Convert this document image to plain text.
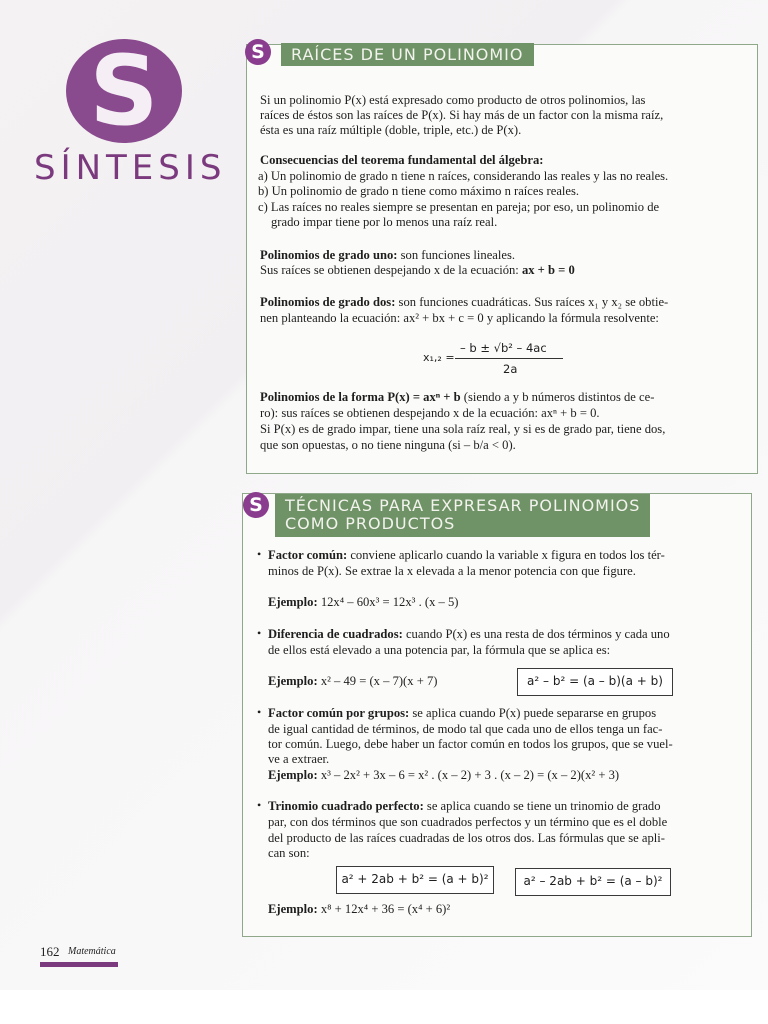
S
SÍNTESIS
S	RAÍCES DE UN POLINOMIO
Si un polinomio P(x) está expresado como producto de otros polinomios, las
raíces de éstos son las raíces de P(x). Si hay más de un factor con la misma raíz,
ésta es una raíz múltiple (doble, triple, etc.) de P(x).
Consecuencias del teorema fundamental del álgebra:
a) Un polinomio de grado n tiene n raíces, considerando las reales y las no reales.
b) Un polinomio de grado n tiene como máximo n raíces reales.
c) Las raíces no reales siempre se presentan en pareja; por eso, un polinomio de
grado impar tiene por lo menos una raíz real.
Polinomios de grado uno: son funciones lineales.
Sus raíces se obtienen despejando x de la ecuación: ax + b = 0
Polinomios de grado dos: son funciones cuadráticas. Sus raíces x₁ y x₂ se obtie-
nen planteando la ecuación: ax² + bx + c = 0 y aplicando la fórmula resolvente:
x₁,₂ =
– b ± √b² – 4ac
2a
Polinomios de la forma P(x) = axⁿ + b (siendo a y b números distintos de ce-
ro): sus raíces se obtienen despejando x de la ecuación: axⁿ + b = 0.
Si P(x) es de grado impar, tiene una sola raíz real, y si es de grado par, tiene dos,
que son opuestas, o no tiene ninguna (si – b/a < 0).
S	TÉCNICAS PARA EXPRESAR POLINOMIOS
COMO PRODUCTOS
• Factor común: conviene aplicarlo cuando la variable x figura en todos los tér-
minos de P(x). Se extrae la x elevada a la menor potencia con que figure.
Ejemplo: 12x⁴ – 60x³ = 12x³ . (x – 5)
• Diferencia de cuadrados: cuando P(x) es una resta de dos términos y cada uno
de ellos está elevado a una potencia par, la fórmula que se aplica es:
Ejemplo: x² – 49 = (x – 7)(x + 7)	a² – b² = (a – b)(a + b)
• Factor común por grupos: se aplica cuando P(x) puede separarse en grupos
de igual cantidad de términos, de modo tal que cada uno de ellos tenga un fac-
tor común. Luego, debe haber un factor común en todos los grupos, que se vuel-
ve a extraer.
Ejemplo: x³ – 2x² + 3x – 6 = x² . (x – 2) + 3 . (x – 2) = (x – 2)(x² + 3)
• Trinomio cuadrado perfecto: se aplica cuando se tiene un trinomio de grado
par, con dos términos que son cuadrados perfectos y un término que es el doble
del producto de las raíces cuadradas de los otros dos. Las fórmulas que se apli-
can son:
a² + 2ab + b² = (a + b)²	a² – 2ab + b² = (a – b)²
Ejemplo: x⁸ + 12x⁴ + 36 = (x⁴ + 6)²
162 Matemática
